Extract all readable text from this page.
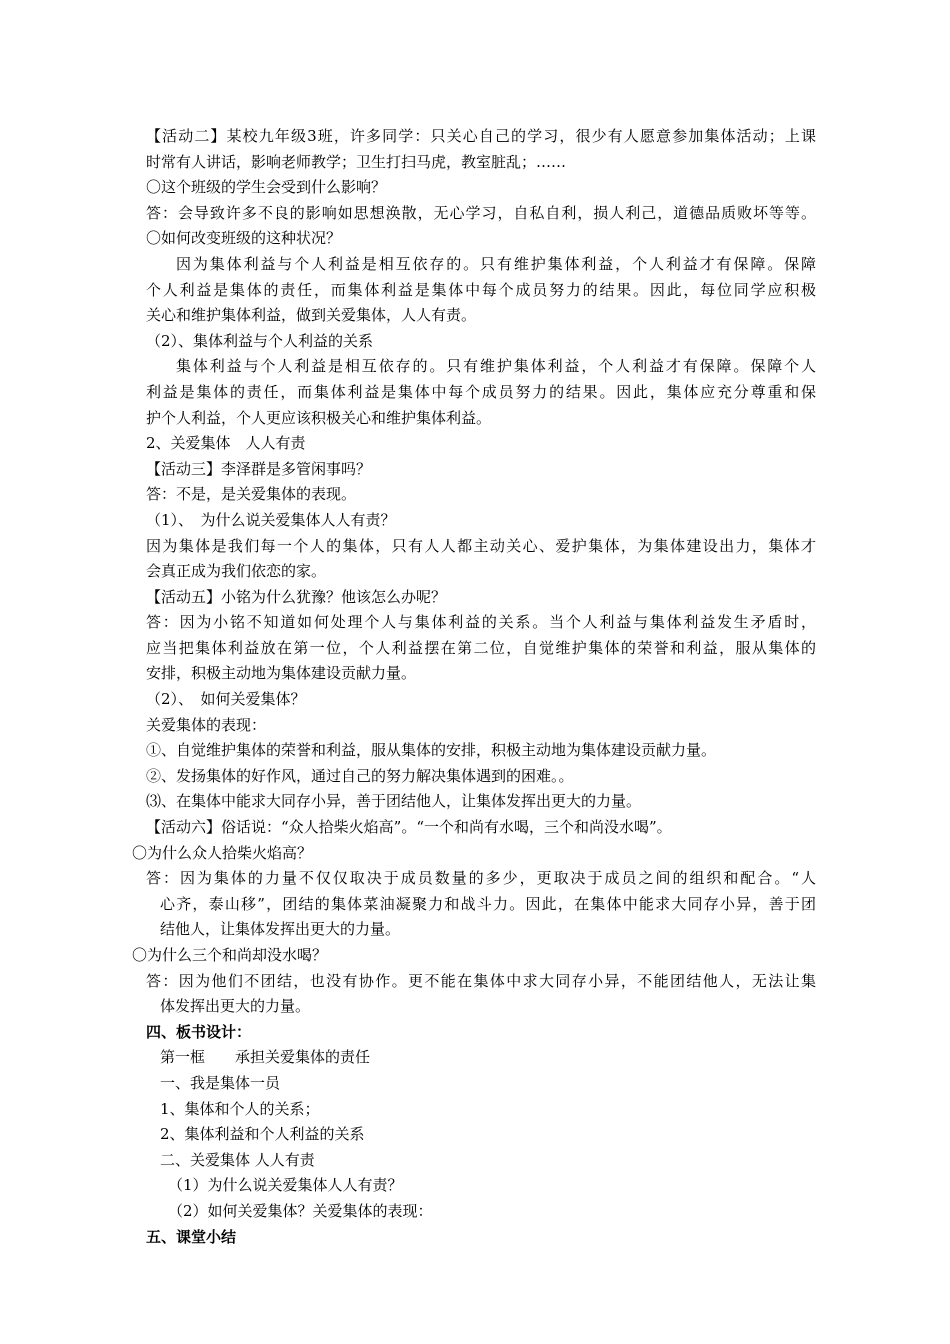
【活动二】某校九年级3班，许多同学：只关心自己的学习，很少有人愿意参加集体活动；上课
时常有人讲话，影响老师教学；卫生打扫马虎，教室脏乱；……
〇这个班级的学生会受到什么影响？
答：会导致许多不良的影响如思想涣散，无心学习，自私自利，损人利己，道德品质败坏等等。
〇如何改变班级的这种状况？
因为集体利益与个人利益是相互依存的。只有维护集体利益，个人利益才有保障。保障
个人利益是集体的责任，而集体利益是集体中每个成员努力的结果。因此，每位同学应积极
关心和维护集体利益，做到关爱集体，人人有责。
（2）、集体利益与个人利益的关系
集体利益与个人利益是相互依存的。只有维护集体利益，个人利益才有保障。保障个人
利益是集体的责任，而集体利益是集体中每个成员努力的结果。因此，集体应充分尊重和保
护个人利益，个人更应该积极关心和维护集体利益。
2、关爱集体　人人有责
【活动三】李泽群是多管闲事吗？
答：不是，是关爱集体的表现。
（1）、　为什么说关爱集体人人有责？
因为集体是我们每一个人的集体，只有人人都主动关心、爱护集体，为集体建设出力，集体才
会真正成为我们依恋的家。
【活动五】小铭为什么犹豫？他该怎么办呢？
答：因为小铭不知道如何处理个人与集体利益的关系。当个人利益与集体利益发生矛盾时，
应当把集体利益放在第一位，个人利益摆在第二位，自觉维护集体的荣誉和利益，服从集体的
安排，积极主动地为集体建设贡献力量。
（2）、　如何关爱集体？
关爱集体的表现：
①、自觉维护集体的荣誉和利益，服从集体的安排，积极主动地为集体建设贡献力量。
②、发扬集体的好作风，通过自己的努力解决集体遇到的困难。。
⑶、在集体中能求大同存小异，善于团结他人，让集体发挥出更大的力量。
【活动六】俗话说：“众人拾柴火焰高”。“一个和尚有水喝，三个和尚没水喝”。
〇为什么众人拾柴火焰高？
答：因为集体的力量不仅仅取决于成员数量的多少，更取决于成员之间的组织和配合。“人
心齐，泰山移”，团结的集体菜油凝聚力和战斗力。因此，在集体中能求大同存小异，善于团
结他人，让集体发挥出更大的力量。
〇为什么三个和尚却没水喝？
答：因为他们不团结，也没有协作。更不能在集体中求大同存小异，不能团结他人，无法让集
体发挥出更大的力量。
四、板书设计：
第一框　　承担关爱集体的责任
一、我是集体一员
1、集体和个人的关系；
2、集体利益和个人利益的关系
二、关爱集体 人人有责
（1）为什么说关爱集体人人有责？
（2）如何关爱集体？关爱集体的表现：
五、课堂小结
